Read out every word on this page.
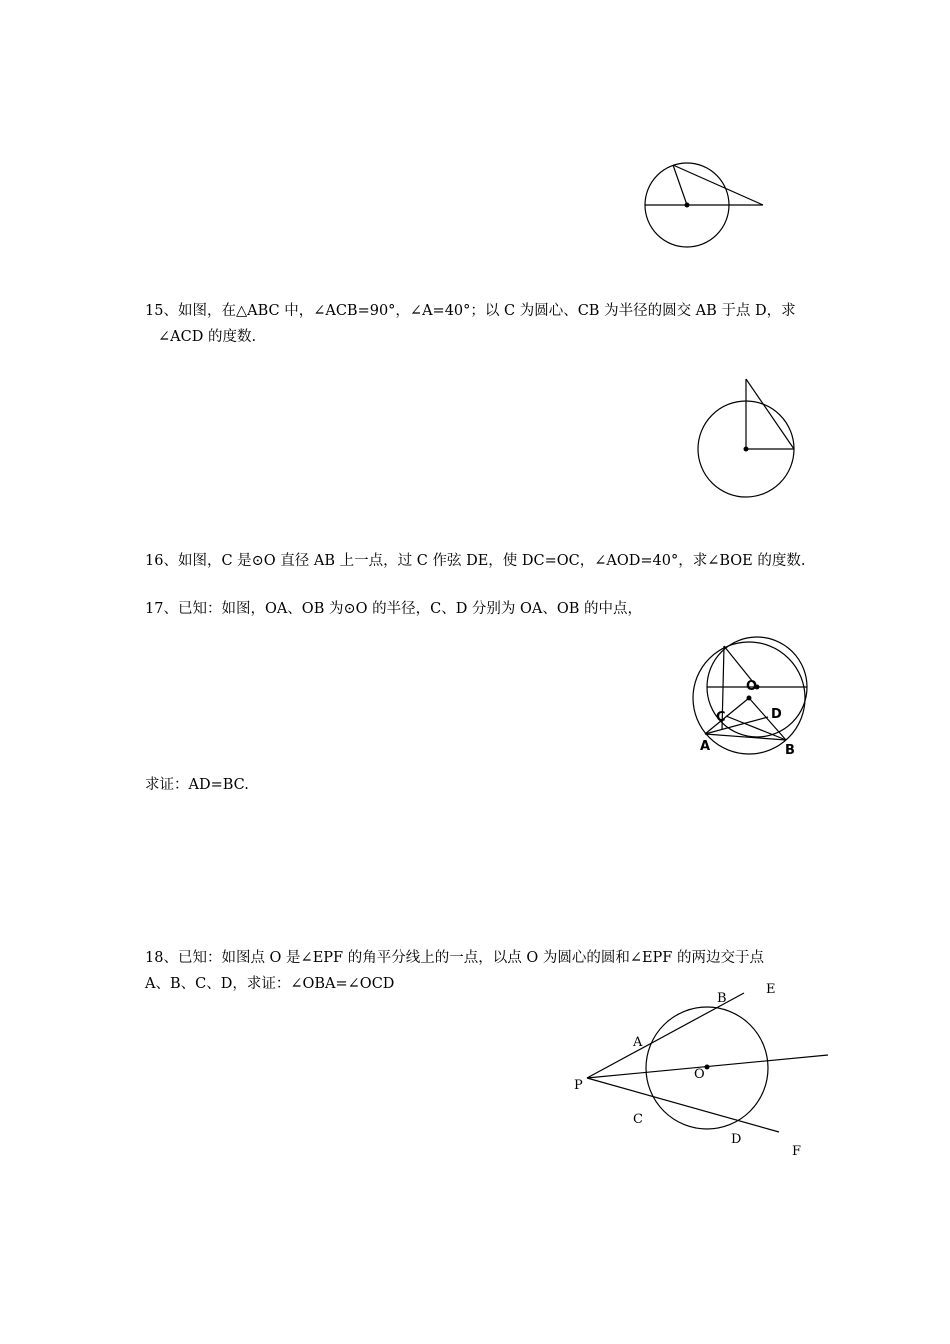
15、如图，在△ABC 中，∠ACB=90°，∠A=40°；以 C 为圆心、CB 为半径的圆交 AB 于点 D，求
∠ACD 的度数.
16、如图，C 是⊙O 直径 AB 上一点，过 C 作弦 DE，使 DC=OC，∠AOD=40°，求∠BOE 的度数.
17、已知：如图，OA、OB 为⊙O 的半径，C、D 分别为 OA、OB 的中点，
O
C	D
A	B
求证：AD=BC.
18、已知：如图点 O 是∠EPF 的角平分线上的一点，以点 O 为圆心的圆和∠EPF 的两边交于点
A、B、C、D，求证：∠OBA=∠OCD
B
E
A
P
O
C
D
F
